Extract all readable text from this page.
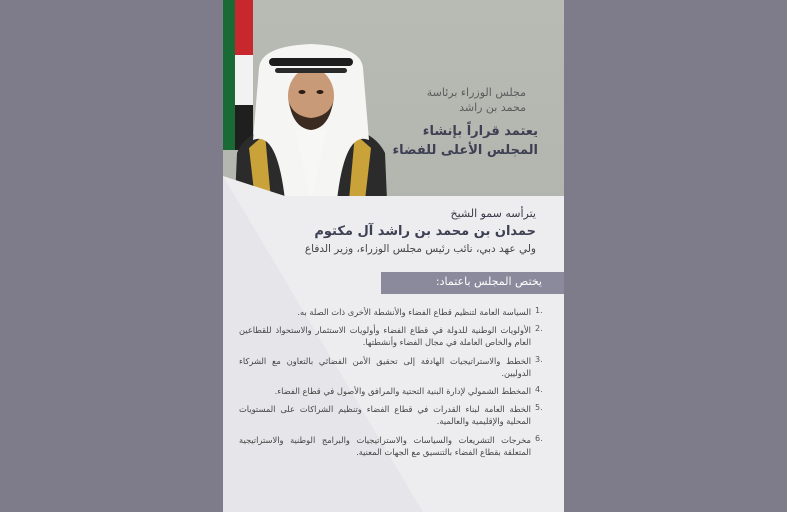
مجلس الوزراء برئاسة
محمد بن راشد
يعتمد قراراً بإنشاء
المجلس الأعلى للفضاء
يترأسه سمو الشيخ
حمدان بن محمد بن راشد آل مكتوم
ولي عهد دبي، نائب رئيس مجلس الوزراء، وزير الدفاع
يختص المجلس باعتماد:
1.
السياسة العامة لتنظيم قطاع الفضاء والأنشطة الأخرى ذات الصلة به.
2.
الأولويات الوطنية للدولة في قطاع الفضاء وأولويات الاستثمار والاستحواذ للقطاعين العام والخاص العاملة في مجال الفضاء وأنشطتها.
3.
الخطط والاستراتيجيات الهادفة إلى تحقيق الأمن الفضائي بالتعاون مع الشركاء الدوليين.
4.
المخطط الشمولي لإدارة البنية التحتية والمرافق والأصول في قطاع الفضاء.
5.
الخطة العامة لبناء القدرات في قطاع الفضاء وتنظيم الشراكات على المستويات المحلية والإقليمية والعالمية.
6.
مخرجات التشريعات والسياسات والاستراتيجيات والبرامج الوطنية والاستراتيجية المتعلقة بقطاع الفضاء بالتنسيق مع الجهات المعنية.
